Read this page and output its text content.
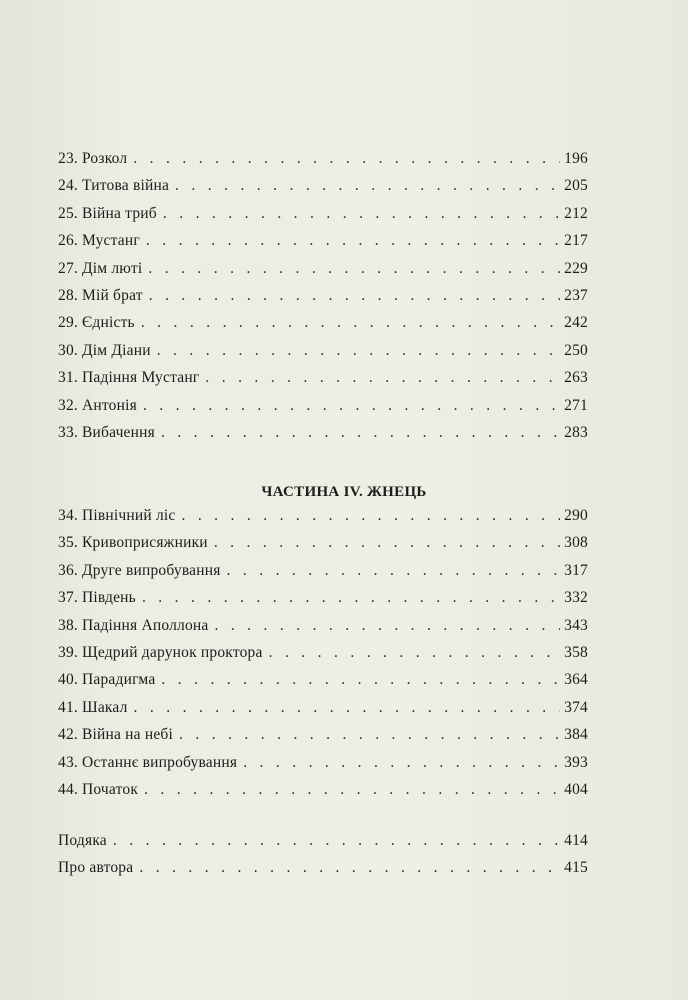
23. Розкол . . .	196
24. Титова війна . . .	205
25. Війна триб . . .	212
26. Мустанг . . .	217
27. Дім люті . . .	229
28. Мій брат . . .	237
29. Єдність . . .	242
30. Дім Діани . . .	250
31. Падіння Мустанг . . .	263
32. Антонія . . .	271
33. Вибачення . . .	283
ЧАСТИНА IV. ЖНЕЦЬ
34. Північний ліс . . .	290
35. Кривоприсяжники . . .	308
36. Друге випробування . . .	317
37. Південь . . .	332
38. Падіння Аполлона . . .	343
39. Щедрий дарунок проктора . . .	358
40. Парадигма . . .	364
41. Шакал . . .	374
42. Війна на небі . . .	384
43. Останнє випробування . . .	393
44. Початок . . .	404
Подяка . . .	414
Про автора . . .	415
